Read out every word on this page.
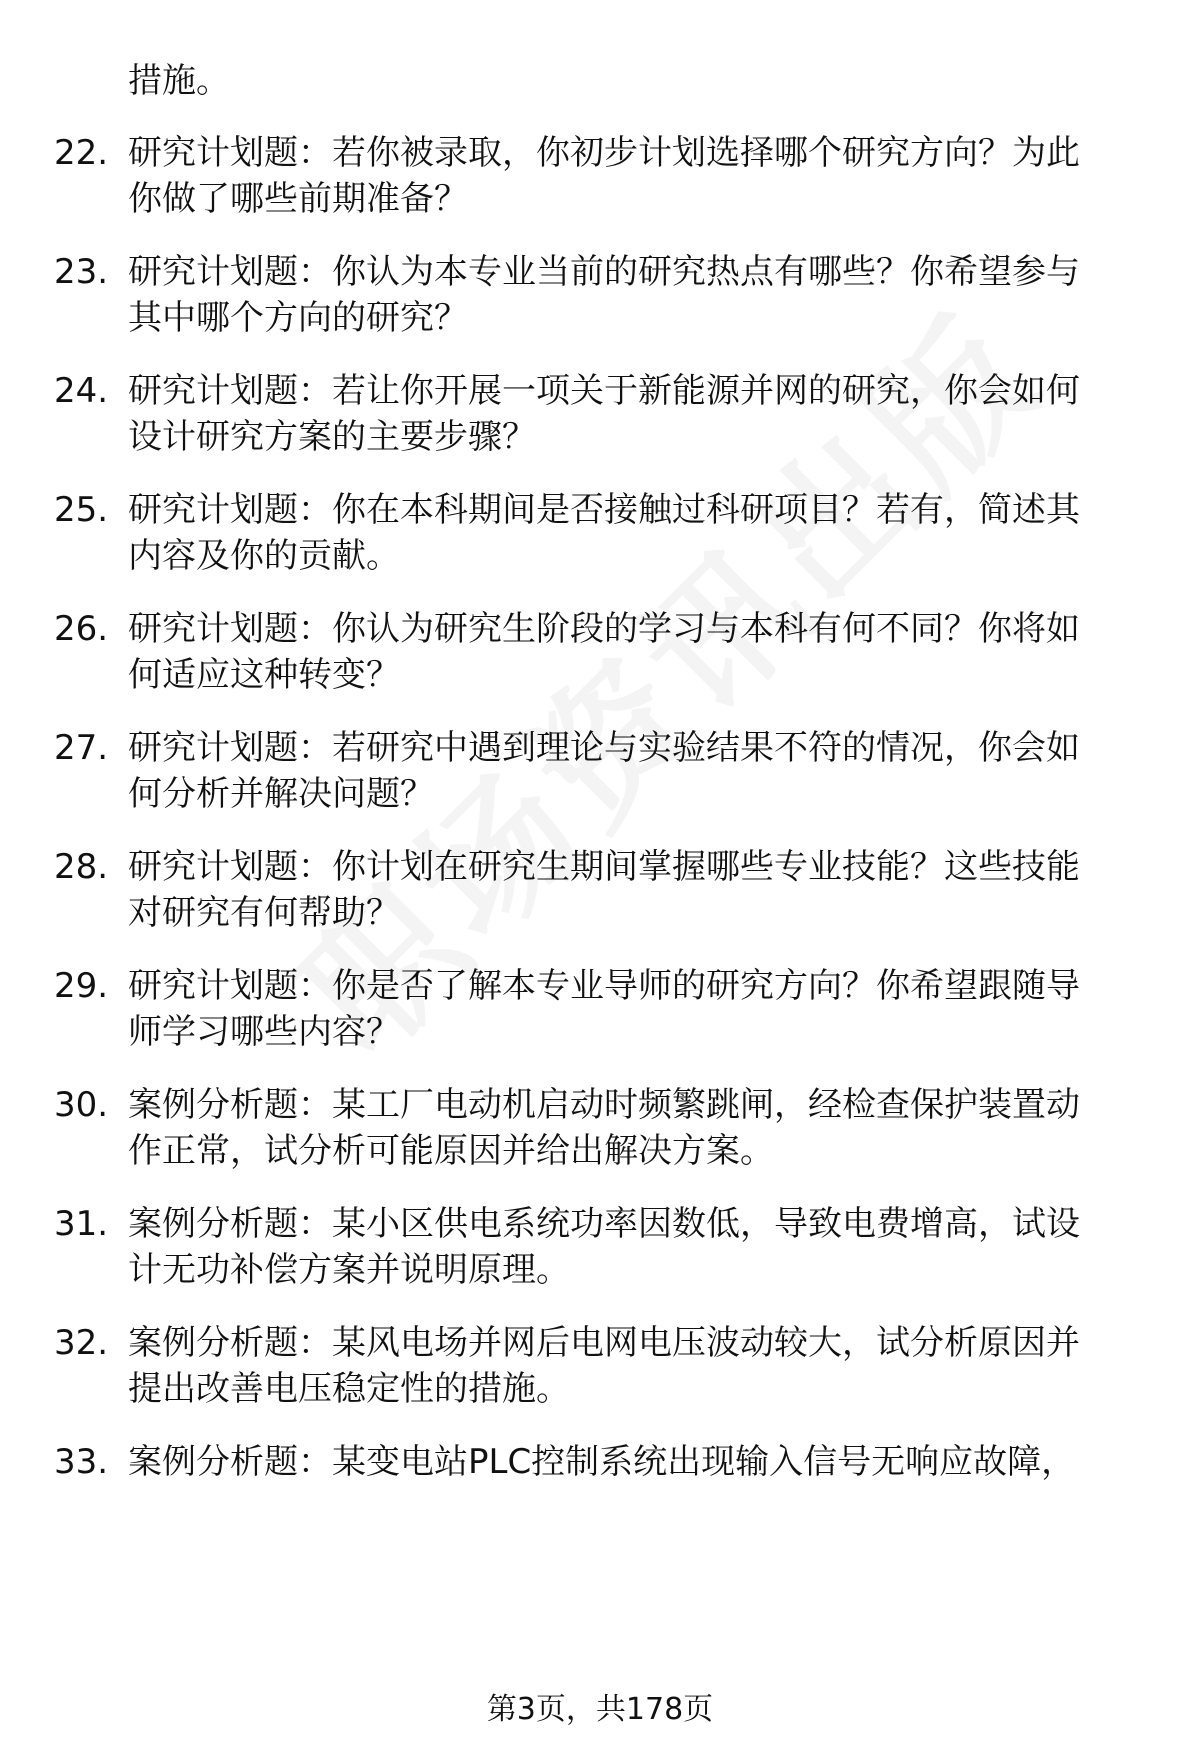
措施。
22. 研究计划题：若你被录取，你初步计划选择哪个研究方向？为此
你做了哪些前期准备？
23. 研究计划题：你认为本专业当前的研究热点有哪些？你希望参与
其中哪个方向的研究？
24. 研究计划题：若让你开展一项关于新能源并网的研究，你会如何
设计研究方案的主要步骤？
25. 研究计划题：你在本科期间是否接触过科研项目？若有，简述其
内容及你的贡献。
26. 研究计划题：你认为研究生阶段的学习与本科有何不同？你将如
何适应这种转变？
27. 研究计划题：若研究中遇到理论与实验结果不符的情况，你会如
何分析并解决问题？
28. 研究计划题：你计划在研究生期间掌握哪些专业技能？这些技能
对研究有何帮助？
29. 研究计划题：你是否了解本专业导师的研究方向？你希望跟随导
师学习哪些内容？
30. 案例分析题：某工厂电动机启动时频繁跳闸，经检查保护装置动
作正常，试分析可能原因并给出解决方案。
31. 案例分析题：某小区供电系统功率因数低，导致电费增高，试设
计无功补偿方案并说明原理。
32. 案例分析题：某风电场并网后电网电压波动较大，试分析原因并
提出改善电压稳定性的措施。
33. 案例分析题：某变电站PLC控制系统出现输入信号无响应故障，
第3页，共178页
